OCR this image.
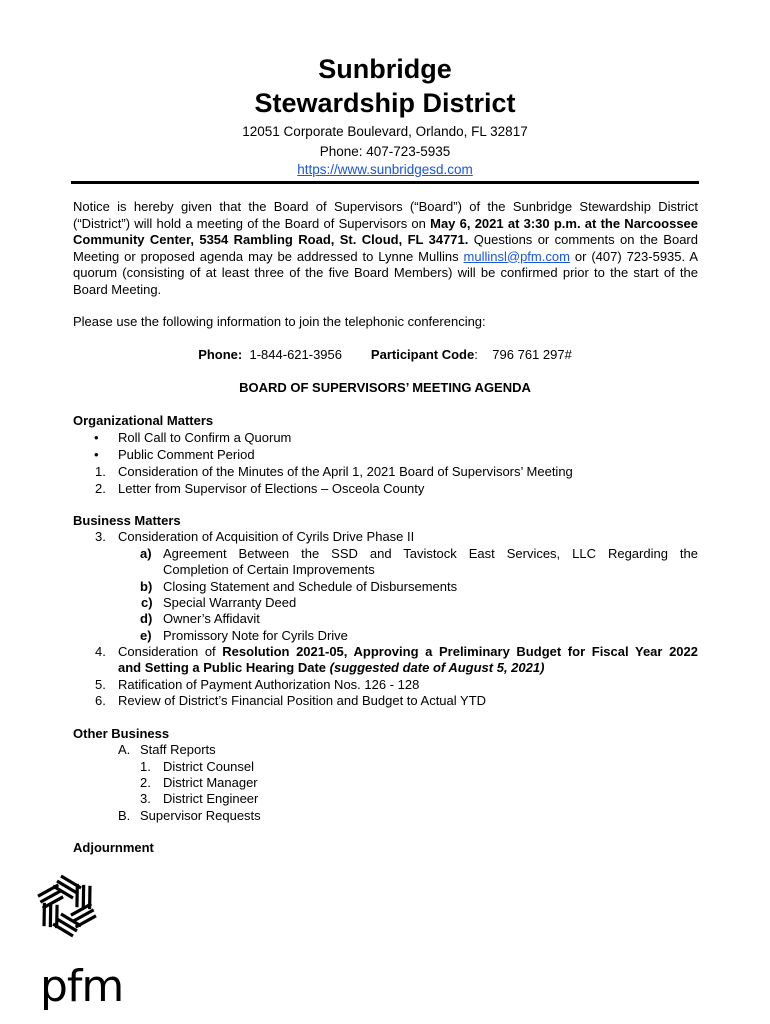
Sunbridge
Stewardship District
12051 Corporate Boulevard, Orlando, FL 32817
Phone: 407-723-5935
https://www.sunbridgesd.com
Notice is hereby given that the Board of Supervisors (“Board”) of the Sunbridge Stewardship District (“District”) will hold a meeting of the Board of Supervisors on May 6, 2021 at 3:30 p.m. at the Narcoossee Community Center, 5354 Rambling Road, St. Cloud, FL 34771. Questions or comments on the Board Meeting or proposed agenda may be addressed to Lynne Mullins mullinsl@pfm.com or (407) 723-5935. A quorum (consisting of at least three of the five Board Members) will be confirmed prior to the start of the Board Meeting.
Please use the following information to join the telephonic conferencing:
Phone: 1-844-621-3956 Participant Code:    796 761 297#
BOARD OF SUPERVISORS’ MEETING AGENDA
Organizational Matters
• Roll Call to Confirm a Quorum
• Public Comment Period
1. Consideration of the Minutes of the April 1, 2021 Board of Supervisors’ Meeting
2. Letter from Supervisor of Elections – Osceola County
Business Matters
3. Consideration of Acquisition of Cyrils Drive Phase II
a) Agreement Between the SSD and Tavistock East Services, LLC Regarding the
Completion of Certain Improvements
b) Closing Statement and Schedule of Disbursements
c) Special Warranty Deed
d) Owner’s Affidavit
e) Promissory Note for Cyrils Drive
4. Consideration of Resolution 2021-05, Approving a Preliminary Budget for Fiscal Year 2022
and Setting a Public Hearing Date (suggested date of August 5, 2021)
5. Ratification of Payment Authorization Nos. 126 - 128
6. Review of District’s Financial Position and Budget to Actual YTD
Other Business
A. Staff Reports
1. District Counsel
2. District Manager
3. District Engineer
B. Supervisor Requests
Adjournment
pfm
